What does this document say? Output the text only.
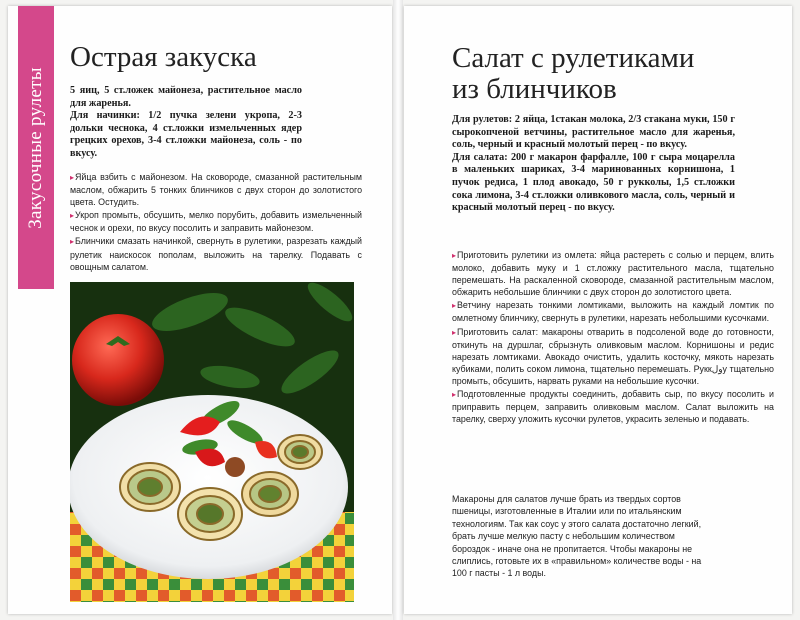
Закусочные рулеты
Острая закуска

5 яиц, 5 ст.ложек майонеза, растительное масло для жаренья.

Для начинки: 1/2 пучка зелени укропа, 2-3 дольки чеснока, 4 ст.ложки измельченных ядер грецких орехов, 3-4 ст.ложки майонеза, соль - по вкусу.

▸Яйца взбить с майонезом. На сковороде, смазанной растительным маслом, обжарить 5 тонких блинчиков с двух сторон до золотистого цвета. Остудить.

▸Укроп промыть, обсушить, мелко порубить, добавить измельченный чеснок и орехи, по вкусу посолить и заправить майонезом.

▸Блинчики смазать начинкой, свернуть в рулетики, разрезать каждый рулетик наискосок пополам, выложить на тарелку. Подавать с овощным салатом.

Салат с рулетиками
из блинчиков

Для рулетов: 2 яйца, 1стакан молока, 2/3 стакана муки, 150 г сырокопченой ветчины, растительное масло для жаренья, соль, черный и красный молотый перец - по вкусу.

Для салата: 200 г макарон фарфалле, 100 г сыра моцарелла в маленьких шариках, 3-4 маринованных корнишона, 1 пучок редиса, 1 плод авокадо, 50 г рукколы, 1,5 ст.ложки сока лимона, 3-4 ст.ложки оливкового масла, соль, черный и красный молотый перец - по вкусу.

▸Приготовить рулетики из омлета: яйца растереть с солью и перцем, влить молоко, добавить муку и 1 ст.ложку растительного масла, тщательно перемешать. На раскаленной сковороде, смазанной растительным маслом, обжарить небольшие блинчики с двух сторон до золотистого цвета.

▸Ветчину нарезать тонкими ломтиками, выложить на каждый ломтик по омлетному блинчику, свернуть в рулетики, нарезать небольшими кусочками.

▸Приготовить салат: макароны отварить в подсоленой воде до готовности, откинуть на дуршлаг, сбрызнуть оливковым маслом. Корнишоны и редис нарезать ломтиками. Авокадо очистить, удалить косточку, мякоть нарезать кубиками, полить соком лимона, тщательно перемешать. Руккولу тщательно промыть, обсушить, нарвать руками на небольшие кусочки.

▸Подготовленные продукты соединить, добавить сыр, по вкусу посолить и приправить перцем, заправить оливковым маслом. Салат выложить на тарелку, сверху уложить кусочки рулетов, украсить зеленью и подавать.

Макароны для салатов лучше брать из твердых сортов пшеницы, изготовленные в Италии или по итальянским технологиям. Так как соус у этого салата достаточно легкий, брать лучше мелкую пасту с небольшим количеством бороздок - иначе она не пропитается. Чтобы макароны не слиплись, готовьте их в «правильном» количестве воды - на 100 г пасты - 1 л воды.
